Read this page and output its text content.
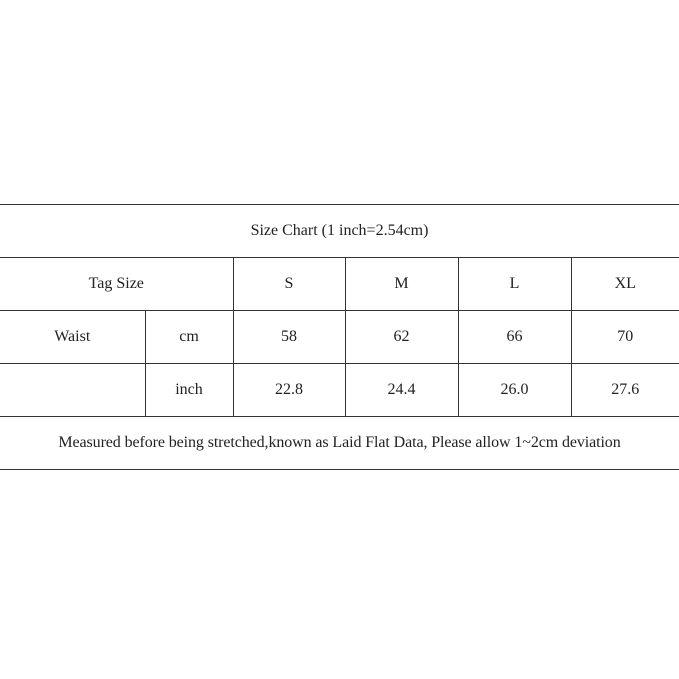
Size Chart (1 inch=2.54cm)					
Tag Size		S	M	L	XL
Waist	cm	58	62	66	70
	inch	22.8	24.4	26.0	27.6
Measured before being stretched,known as Laid Flat Data, Please allow 1~2cm deviation					
